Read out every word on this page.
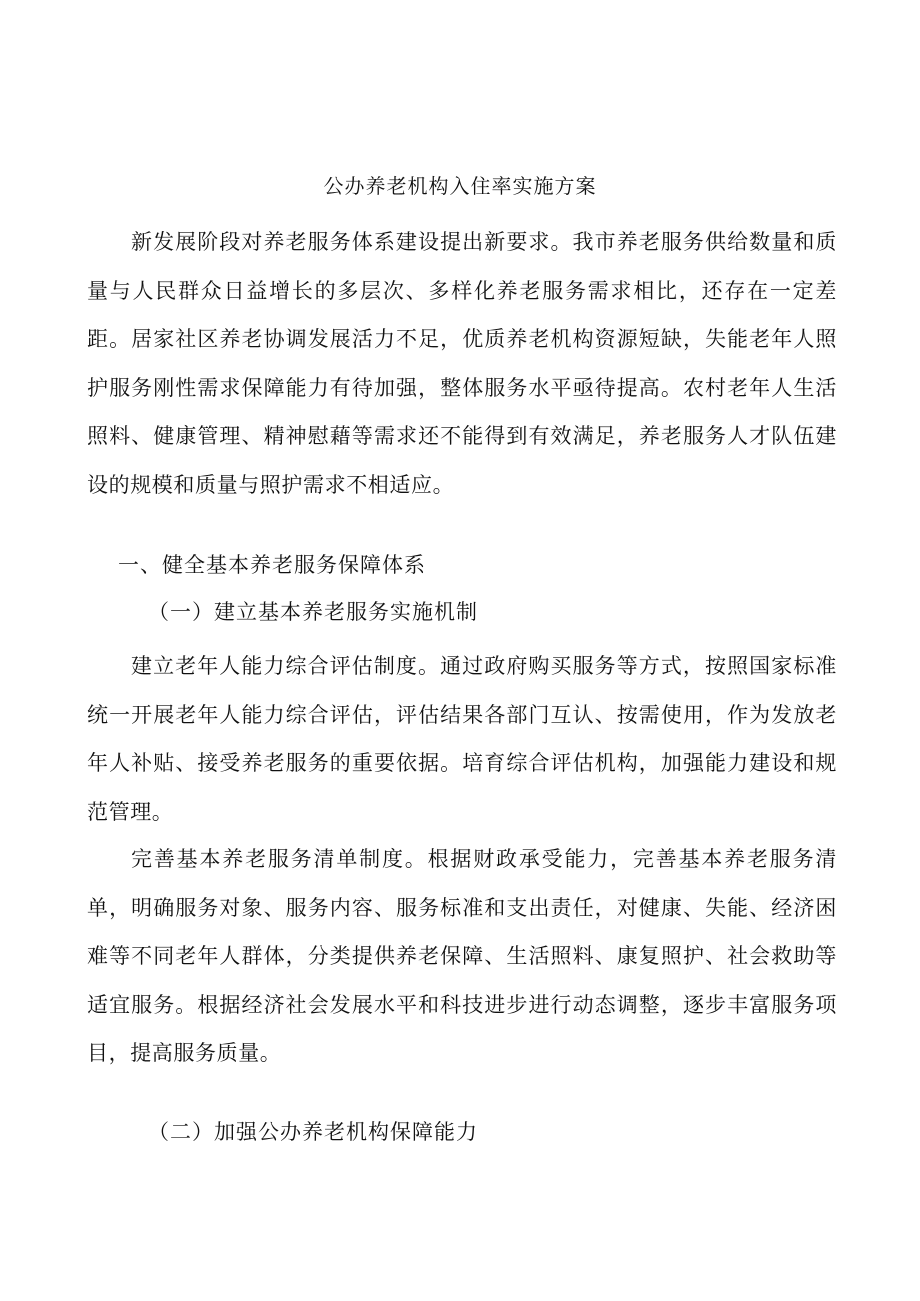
公办养老机构入住率实施方案

新发展阶段对养老服务体系建设提出新要求。我市养老服务供给数量和质量与人民群众日益增长的多层次、多样化养老服务需求相比，还存在一定差距。居家社区养老协调发展活力不足，优质养老机构资源短缺，失能老年人照护服务刚性需求保障能力有待加强，整体服务水平亟待提高。农村老年人生活照料、健康管理、精神慰藉等需求还不能得到有效满足，养老服务人才队伍建设的规模和质量与照护需求不相适应。

一、健全基本养老服务保障体系

（一）建立基本养老服务实施机制

建立老年人能力综合评估制度。通过政府购买服务等方式，按照国家标准统一开展老年人能力综合评估，评估结果各部门互认、按需使用，作为发放老年人补贴、接受养老服务的重要依据。培育综合评估机构，加强能力建设和规范管理。

完善基本养老服务清单制度。根据财政承受能力，完善基本养老服务清单，明确服务对象、服务内容、服务标准和支出责任，对健康、失能、经济困难等不同老年人群体，分类提供养老保障、生活照料、康复照护、社会救助等适宜服务。根据经济社会发展水平和科技进步进行动态调整，逐步丰富服务项目，提高服务质量。

（二）加强公办养老机构保障能力
